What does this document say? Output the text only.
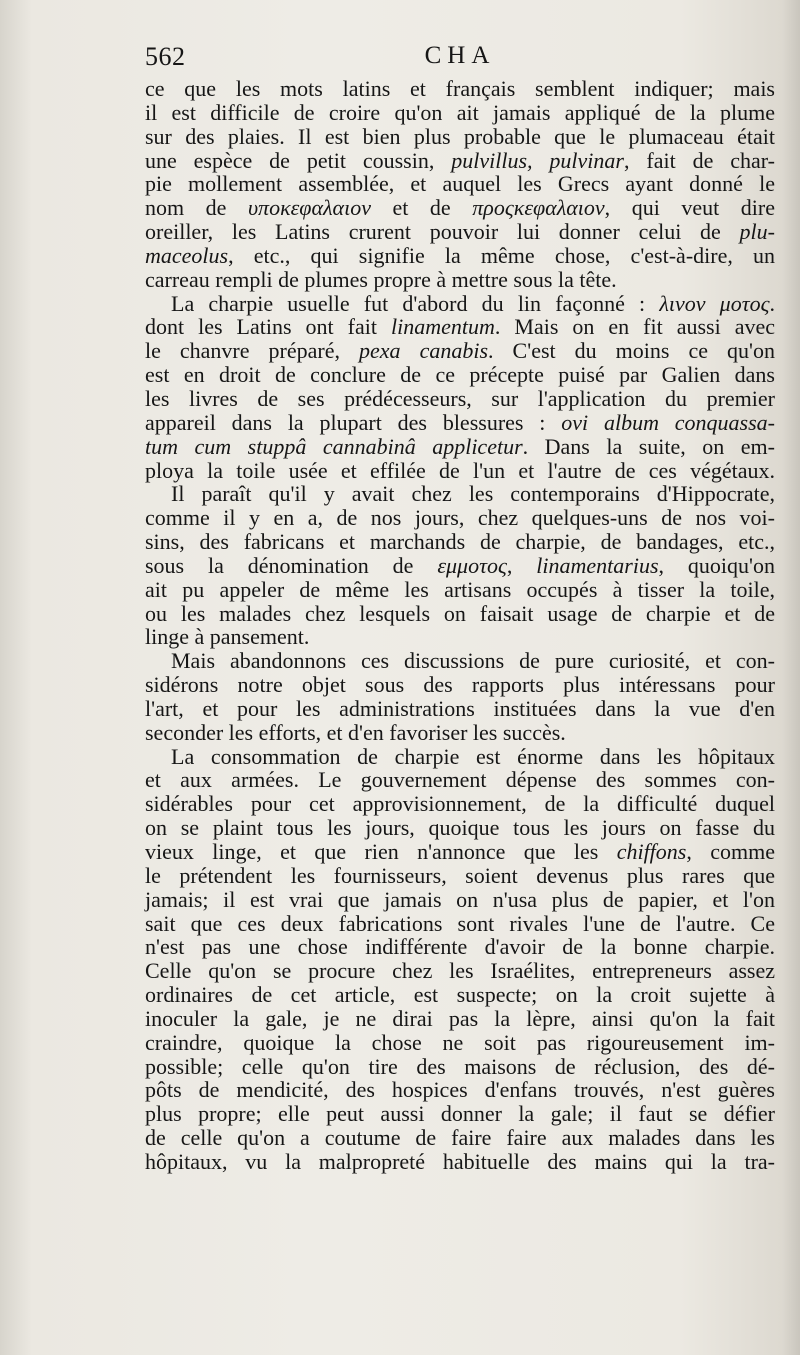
562	CHA
ce que les mots latins et français semblent indiquer; mais
il est difficile de croire qu'on ait jamais appliqué de la plume
sur des plaies. Il est bien plus probable que le plumaceau était
une espèce de petit coussin, pulvillus, pulvinar, fait de char-
pie mollement assemblée, et auquel les Grecs ayant donné le
nom de υποκεφαλαιον et de προςκεφαλαιον, qui veut dire
oreiller, les Latins crurent pouvoir lui donner celui de plu-
maceolus, etc., qui signifie la même chose, c'est-à-dire, un
carreau rempli de plumes propre à mettre sous la tête.
La charpie usuelle fut d'abord du lin façonné : λινον μοτος.
dont les Latins ont fait linamentum. Mais on en fit aussi avec
le chanvre préparé, pexa canabis. C'est du moins ce qu'on
est en droit de conclure de ce précepte puisé par Galien dans
les livres de ses prédécesseurs, sur l'application du premier
appareil dans la plupart des blessures : ovi album conquassa-
tum cum stuppâ cannabinâ applicetur. Dans la suite, on em-
ploya la toile usée et effilée de l'un et l'autre de ces végétaux.
Il paraît qu'il y avait chez les contemporains d'Hippocrate,
comme il y en a, de nos jours, chez quelques-uns de nos voi-
sins, des fabricans et marchands de charpie, de bandages, etc.,
sous la dénomination de εμμοτος, linamentarius, quoiqu'on
ait pu appeler de même les artisans occupés à tisser la toile,
ou les malades chez lesquels on faisait usage de charpie et de
linge à pansement.
Mais abandonnons ces discussions de pure curiosité, et con-
sidérons notre objet sous des rapports plus intéressans pour
l'art, et pour les administrations instituées dans la vue d'en
seconder les efforts, et d'en favoriser les succès.
La consommation de charpie est énorme dans les hôpitaux
et aux armées. Le gouvernement dépense des sommes con-
sidérables pour cet approvisionnement, de la difficulté duquel
on se plaint tous les jours, quoique tous les jours on fasse du
vieux linge, et que rien n'annonce que les chiffons, comme
le prétendent les fournisseurs, soient devenus plus rares que
jamais; il est vrai que jamais on n'usa plus de papier, et l'on
sait que ces deux fabrications sont rivales l'une de l'autre. Ce
n'est pas une chose indifférente d'avoir de la bonne charpie.
Celle qu'on se procure chez les Israélites, entrepreneurs assez
ordinaires de cet article, est suspecte; on la croit sujette à
inoculer la gale, je ne dirai pas la lèpre, ainsi qu'on la fait
craindre, quoique la chose ne soit pas rigoureusement im-
possible; celle qu'on tire des maisons de réclusion, des dé-
pôts de mendicité, des hospices d'enfans trouvés, n'est guères
plus propre; elle peut aussi donner la gale; il faut se défier
de celle qu'on a coutume de faire faire aux malades dans les
hôpitaux, vu la malpropreté habituelle des mains qui la tra-
